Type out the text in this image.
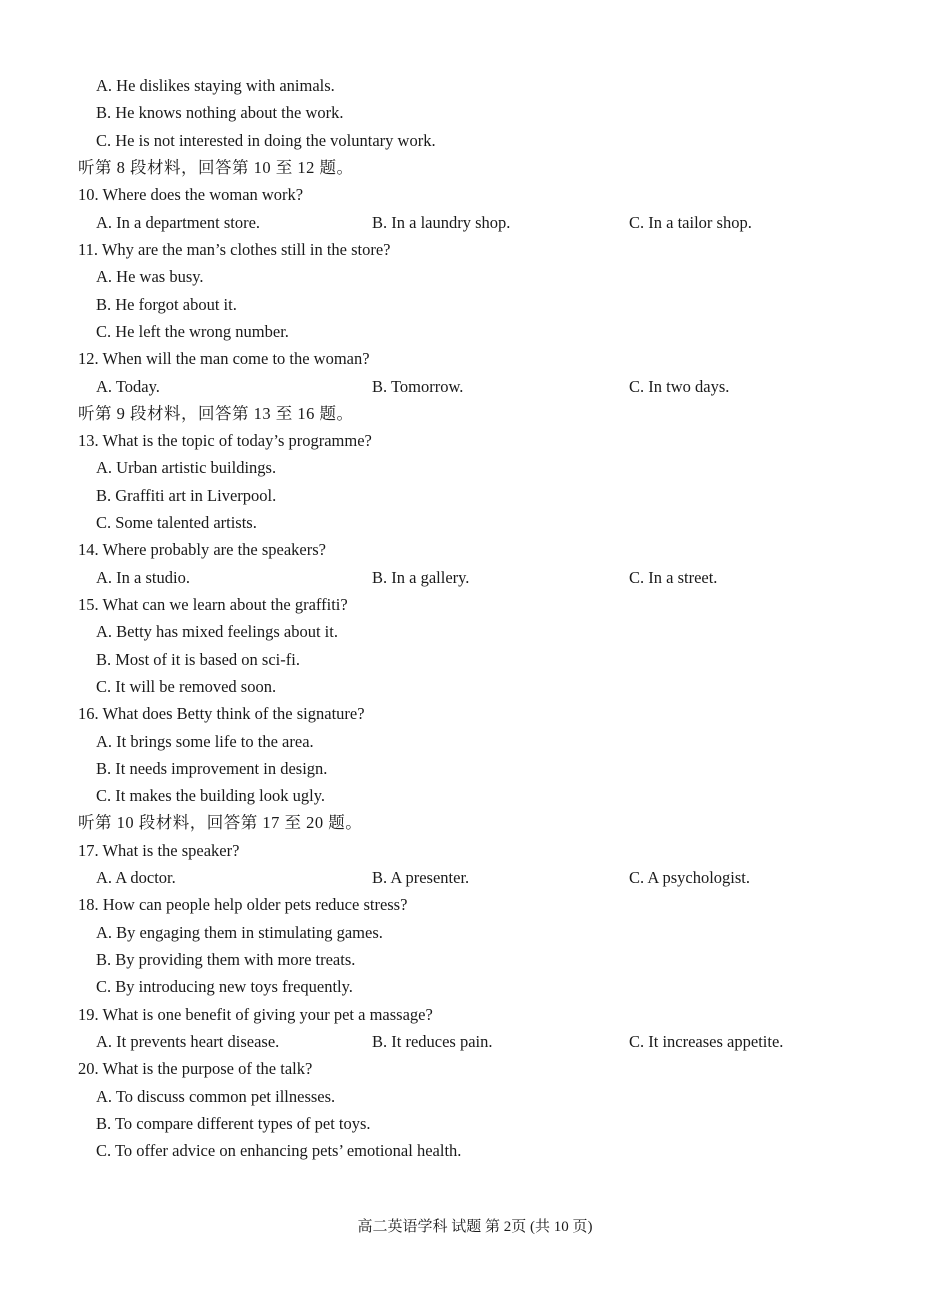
A. He dislikes staying with animals.
B. He knows nothing about the work.
C. He is not interested in doing the voluntary work.
听第 8 段材料，回答第 10 至 12 题。
10. Where does the woman work?
A. In a department store.	B. In a laundry shop.	C. In a tailor shop.
11. Why are the man’s clothes still in the store?
A. He was busy.
B. He forgot about it.
C. He left the wrong number.
12. When will the man come to the woman?
A. Today.	B. Tomorrow.	C. In two days.
听第 9 段材料，回答第 13 至 16 题。
13. What is the topic of today’s programme?
A. Urban artistic buildings.
B. Graffiti art in Liverpool.
C. Some talented artists.
14. Where probably are the speakers?
A. In a studio.	B. In a gallery.	C. In a street.
15. What can we learn about the graffiti?
A. Betty has mixed feelings about it.
B. Most of it is based on sci-fi.
C. It will be removed soon.
16. What does Betty think of the signature?
A. It brings some life to the area.
B. It needs improvement in design.
C. It makes the building look ugly.
听第 10 段材料，回答第 17 至 20 题。
17. What is the speaker?
A. A doctor.	B. A presenter.	C. A psychologist.
18. How can people help older pets reduce stress?
A. By engaging them in stimulating games.
B. By providing them with more treats.
C. By introducing new toys frequently.
19. What is one benefit of giving your pet a massage?
A. It prevents heart disease.	B. It reduces pain.	C. It increases appetite.
20. What is the purpose of the talk?
A. To discuss common pet illnesses.
B. To compare different types of pet toys.
C. To offer advice on enhancing pets’ emotional health.
高二英语学科 试题 第 2页 (共 10 页)
